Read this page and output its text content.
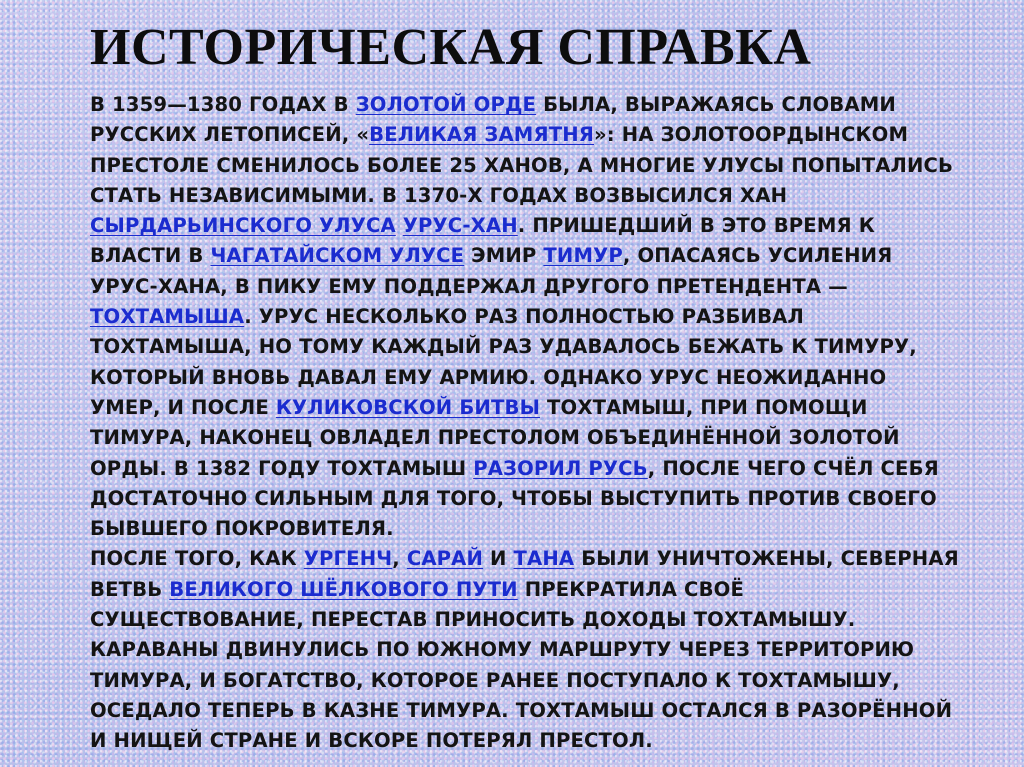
ИСТОРИЧЕСКАЯ СПРАВКА

В 1359—1380 ГОДАХ В ЗОЛОТОЙ ОРДЕ БЫЛА, ВЫРАЖАЯСЬ СЛОВАМИ РУССКИХ ЛЕТОПИСЕЙ, «ВЕЛИКАЯ ЗАМЯТНЯ»: НА ЗОЛОТООРДЫНСКОМ ПРЕСТОЛЕ СМЕНИЛОСЬ БОЛЕЕ 25 ХАНОВ, А МНОГИЕ УЛУСЫ ПОПЫТАЛИСЬ СТАТЬ НЕЗАВИСИМЫМИ. В 1370-Х ГОДАХ ВОЗВЫСИЛСЯ ХАН СЫРДАРЬИНСКОГО УЛУСА УРУС-ХАН. ПРИШЕДШИЙ В ЭТО ВРЕМЯ К ВЛАСТИ В ЧАГАТАЙСКОМ УЛУСЕ ЭМИР ТИМУР, ОПАСАЯСЬ УСИЛЕНИЯ УРУС-ХАНА, В ПИКУ ЕМУ ПОДДЕРЖАЛ ДРУГОГО ПРЕТЕНДЕНТА — ТОХТАМЫША. УРУС НЕСКОЛЬКО РАЗ ПОЛНОСТЬЮ РАЗБИВАЛ ТОХТАМЫША, НО ТОМУ КАЖДЫЙ РАЗ УДАВАЛОСЬ БЕЖАТЬ К ТИМУРУ, КОТОРЫЙ ВНОВЬ ДАВАЛ ЕМУ АРМИЮ. ОДНАКО УРУС НЕОЖИДАННО УМЕР, И ПОСЛЕ КУЛИКОВСКОЙ БИТВЫ ТОХТАМЫШ, ПРИ ПОМОЩИ ТИМУРА, НАКОНЕЦ ОВЛАДЕЛ ПРЕСТОЛОМ ОБЪЕДИНЁННОЙ ЗОЛОТОЙ ОРДЫ. В 1382 ГОДУ ТОХТАМЫШ РАЗОРИЛ РУСЬ, ПОСЛЕ ЧЕГО СЧЁЛ СЕБЯ ДОСТАТОЧНО СИЛЬНЫМ ДЛЯ ТОГО, ЧТОБЫ ВЫСТУПИТЬ ПРОТИВ СВОЕГО БЫВШЕГО ПОКРОВИТЕЛЯ.

ПОСЛЕ ТОГО, КАК УРГЕНЧ, САРАЙ И ТАНА БЫЛИ УНИЧТОЖЕНЫ, СЕВЕРНАЯ ВЕТВЬ ВЕЛИКОГО ШЁЛКОВОГО ПУТИ ПРЕКРАТИЛА СВОЁ СУЩЕСТВОВАНИЕ, ПЕРЕСТАВ ПРИНОСИТЬ ДОХОДЫ ТОХТАМЫШУ. КАРАВАНЫ ДВИНУЛИСЬ ПО ЮЖНОМУ МАРШРУТУ ЧЕРЕЗ ТЕРРИТОРИЮ ТИМУРА, И БОГАТСТВО, КОТОРОЕ РАНЕЕ ПОСТУПАЛО К ТОХТАМЫШУ, ОСЕДАЛО ТЕПЕРЬ В КАЗНЕ ТИМУРА. ТОХТАМЫШ ОСТАЛСЯ В РАЗОРЁННОЙ И НИЩЕЙ СТРАНЕ И ВСКОРЕ ПОТЕРЯЛ ПРЕСТОЛ.
